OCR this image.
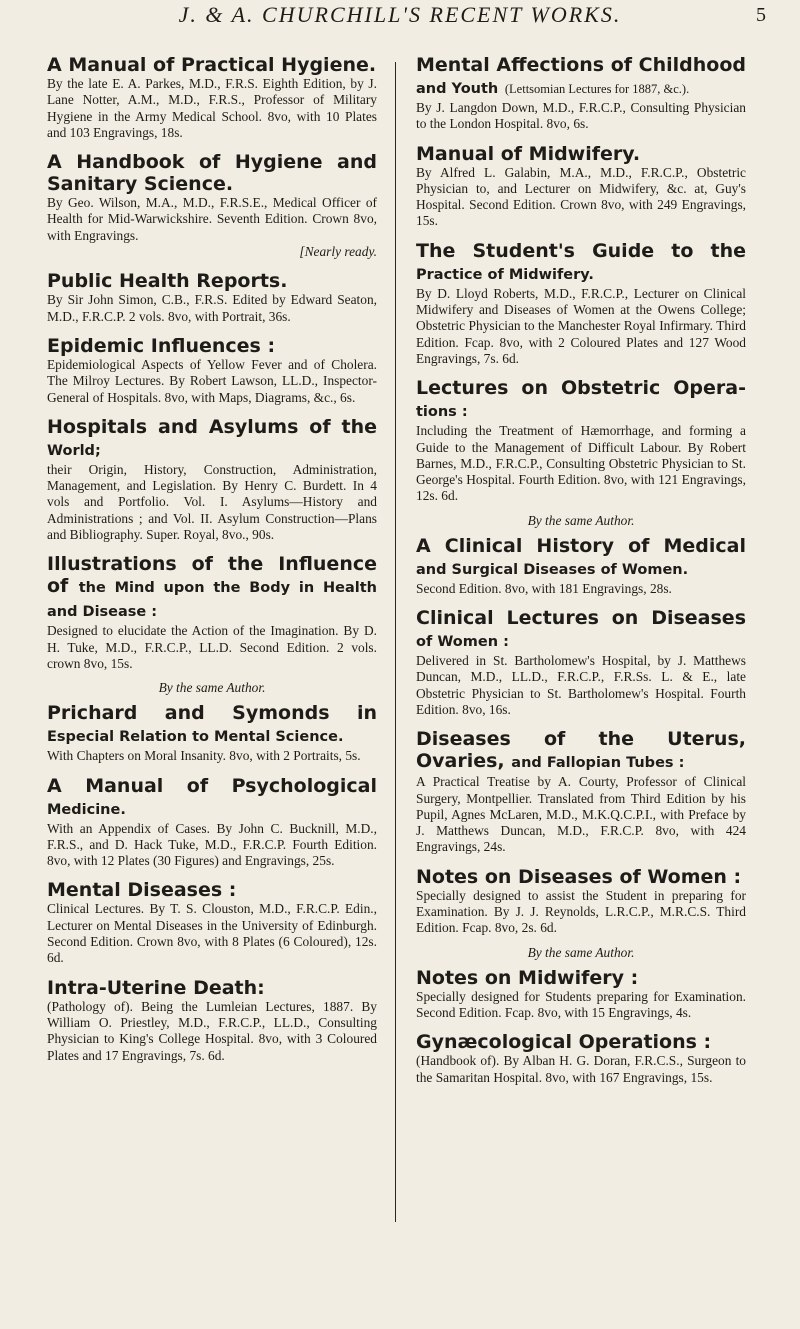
J. & A. CHURCHILL'S RECENT WORKS.	5
A Manual of Practical Hygiene.

By the late E. A. Parkes, M.D., F.R.S. Eighth Edition, by J. Lane Notter, A.M., M.D., F.R.S., Professor of Military Hygiene in the Army Medical School. 8vo, with 10 Plates and 103 Engravings, 18s.

A Handbook of Hygiene and Sanitary Science.

By Geo. Wilson, M.A., M.D., F.R.S.E., Medical Officer of Health for Mid-Warwickshire. Seventh Edition. Crown 8vo, with Engravings.

[Nearly ready.

Public Health Reports.

By Sir John Simon, C.B., F.R.S. Edited by Edward Seaton, M.D., F.R.C.P. 2 vols. 8vo, with Portrait, 36s.

Epidemic Influences :

Epidemiological Aspects of Yellow Fever and of Cholera. The Milroy Lectures. By Robert Lawson, LL.D., Inspector-General of Hospitals. 8vo, with Maps, Diagrams, &c., 6s.

Hospitals and Asylums of the World;

their Origin, History, Construction, Administration, Management, and Legislation. By Henry C. Burdett. In 4 vols and Portfolio. Vol. I. Asylums—History and Administrations ; and Vol. II. Asylum Construction—Plans and Bibliography. Super. Royal, 8vo., 90s.

Illustrations of the Influence of the Mind upon the Body in Health and Disease :

Designed to elucidate the Action of the Imagination. By D. H. Tuke, M.D., F.R.C.P., LL.D. Second Edition. 2 vols. crown 8vo, 15s.

By the same Author.
Prichard and Symonds in Especial Relation to Mental Science.

With Chapters on Moral Insanity. 8vo, with 2 Portraits, 5s.

A Manual of Psychological Medicine.

With an Appendix of Cases. By John C. Bucknill, M.D., F.R.S., and D. Hack Tuke, M.D., F.R.C.P. Fourth Edition. 8vo, with 12 Plates (30 Figures) and Engravings, 25s.

Mental Diseases :

Clinical Lectures. By T. S. Clouston, M.D., F.R.C.P. Edin., Lecturer on Mental Diseases in the University of Edinburgh. Second Edition. Crown 8vo, with 8 Plates (6 Coloured), 12s. 6d.

Intra-Uterine Death:

(Pathology of). Being the Lumleian Lectures, 1887. By William O. Priestley, M.D., F.R.C.P., LL.D., Consulting Physician to King's College Hospital. 8vo, with 3 Coloured Plates and 17 Engravings, 7s. 6d.

Mental Affections of Childhood and Youth (Lettsomian Lectures for 1887, &c.).

By J. Langdon Down, M.D., F.R.C.P., Consulting Physician to the London Hospital. 8vo, 6s.

Manual of Midwifery.

By Alfred L. Galabin, M.A., M.D., F.R.C.P., Obstetric Physician to, and Lecturer on Midwifery, &c. at, Guy's Hospital. Second Edition. Crown 8vo, with 249 Engravings, 15s.

The Student's Guide to the Practice of Midwifery.

By D. Lloyd Roberts, M.D., F.R.C.P., Lecturer on Clinical Midwifery and Diseases of Women at the Owens College; Obstetric Physician to the Manchester Royal Infirmary. Third Edition. Fcap. 8vo, with 2 Coloured Plates and 127 Wood Engravings, 7s. 6d.

Lectures on Obstetric Opera- tions :

Including the Treatment of Hæmorrhage, and forming a Guide to the Management of Difficult Labour. By Robert Barnes, M.D., F.R.C.P., Consulting Obstetric Physician to St. George's Hospital. Fourth Edition. 8vo, with 121 Engravings, 12s. 6d.

By the same Author.
A Clinical History of Medical and Surgical Diseases of Women.

Second Edition. 8vo, with 181 Engravings, 28s.

Clinical Lectures on Diseases of Women :

Delivered in St. Bartholomew's Hospital, by J. Matthews Duncan, M.D., LL.D., F.R.C.P., F.R.Ss. L. & E., late Obstetric Physician to St. Bartholomew's Hospital. Fourth Edition. 8vo, 16s.

Diseases of the Uterus, Ovaries, and Fallopian Tubes :

A Practical Treatise by A. Courty, Professor of Clinical Surgery, Montpellier. Translated from Third Edition by his Pupil, Agnes McLaren, M.D., M.K.Q.C.P.I., with Preface by J. Matthews Duncan, M.D., F.R.C.P. 8vo, with 424 Engravings, 24s.

Notes on Diseases of Women :

Specially designed to assist the Student in preparing for Examination. By J. J. Reynolds, L.R.C.P., M.R.C.S. Third Edition. Fcap. 8vo, 2s. 6d.

By the same Author.
Notes on Midwifery :

Specially designed for Students preparing for Examination. Second Edition. Fcap. 8vo, with 15 Engravings, 4s.

Gynæcological Operations :

(Handbook of). By Alban H. G. Doran, F.R.C.S., Surgeon to the Samaritan Hospital. 8vo, with 167 Engravings, 15s.
